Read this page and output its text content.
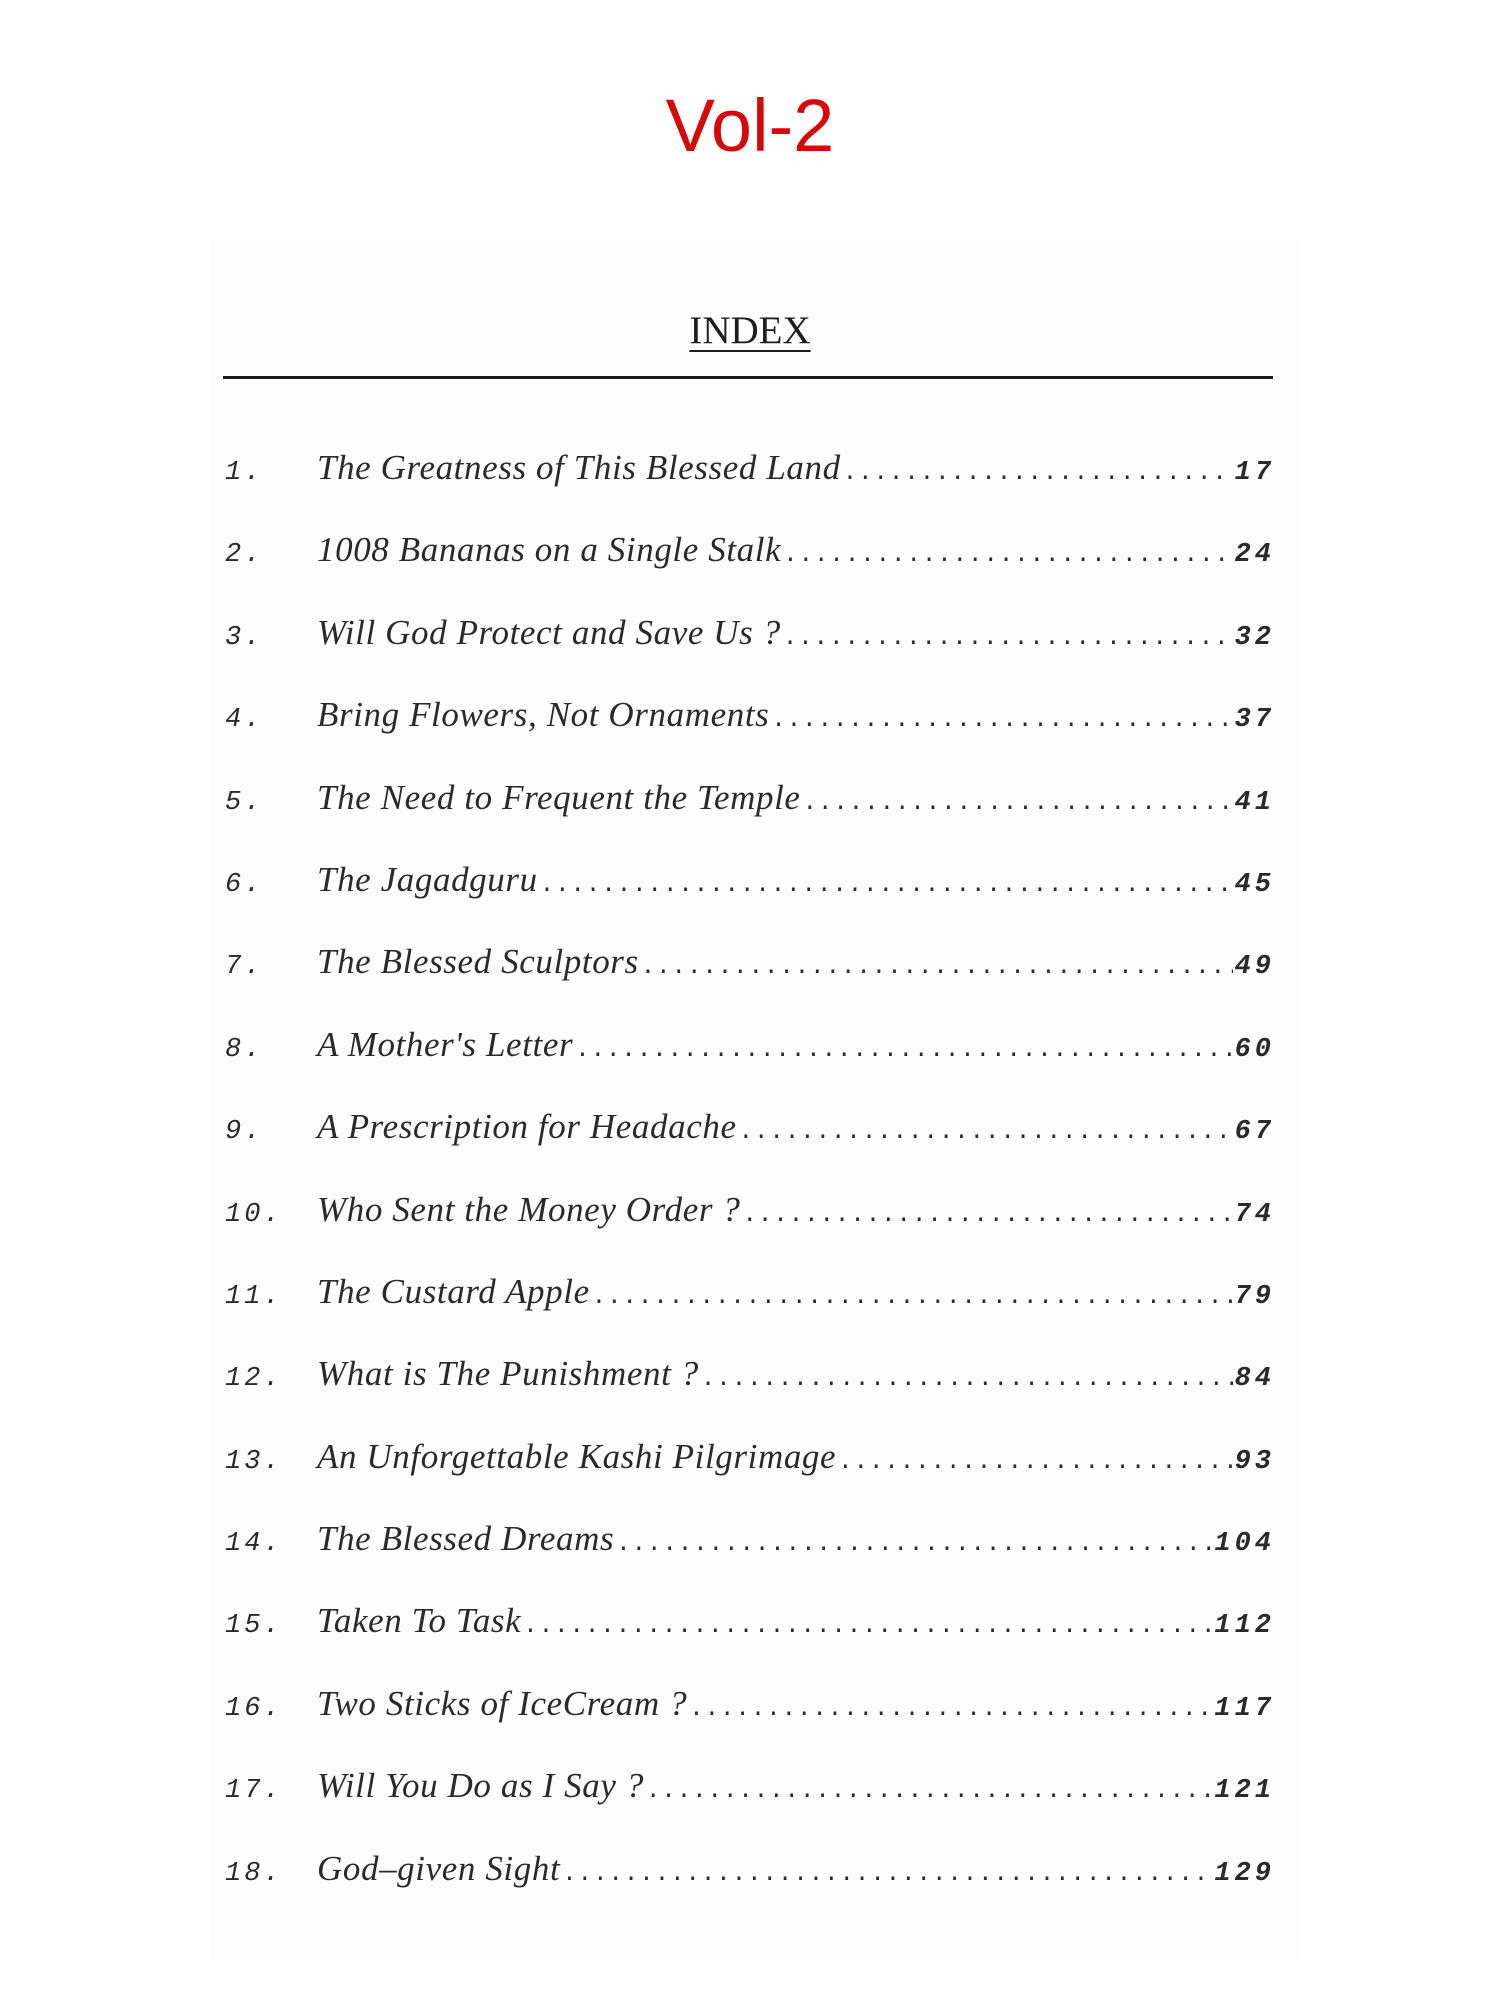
Vol-2
INDEX
1.	The Greatness of This Blessed Land .....	17
2.	1008 Bananas on a Single Stalk .....	24
3.	Will God Protect and Save Us ? .....	32
4.	Bring Flowers, Not Ornaments .....	37
5.	The Need to Frequent the Temple .....	41
6.	The Jagadguru .....	45
7.	The Blessed Sculptors .....	49
8.	A Mother's Letter .....	60
9.	A Prescription for Headache .....	67
10. Who Sent the Money Order ? .....	74
11. The Custard Apple .....	79
12. What is The Punishment ? .....	84
13. An Unforgettable Kashi Pilgrimage .....	93
14. The Blessed Dreams .....	104
15. Taken To Task .....	112
16. Two Sticks of IceCream ? .....	117
17. Will You Do as I Say ? .....	121
18. God–given Sight .....	129
